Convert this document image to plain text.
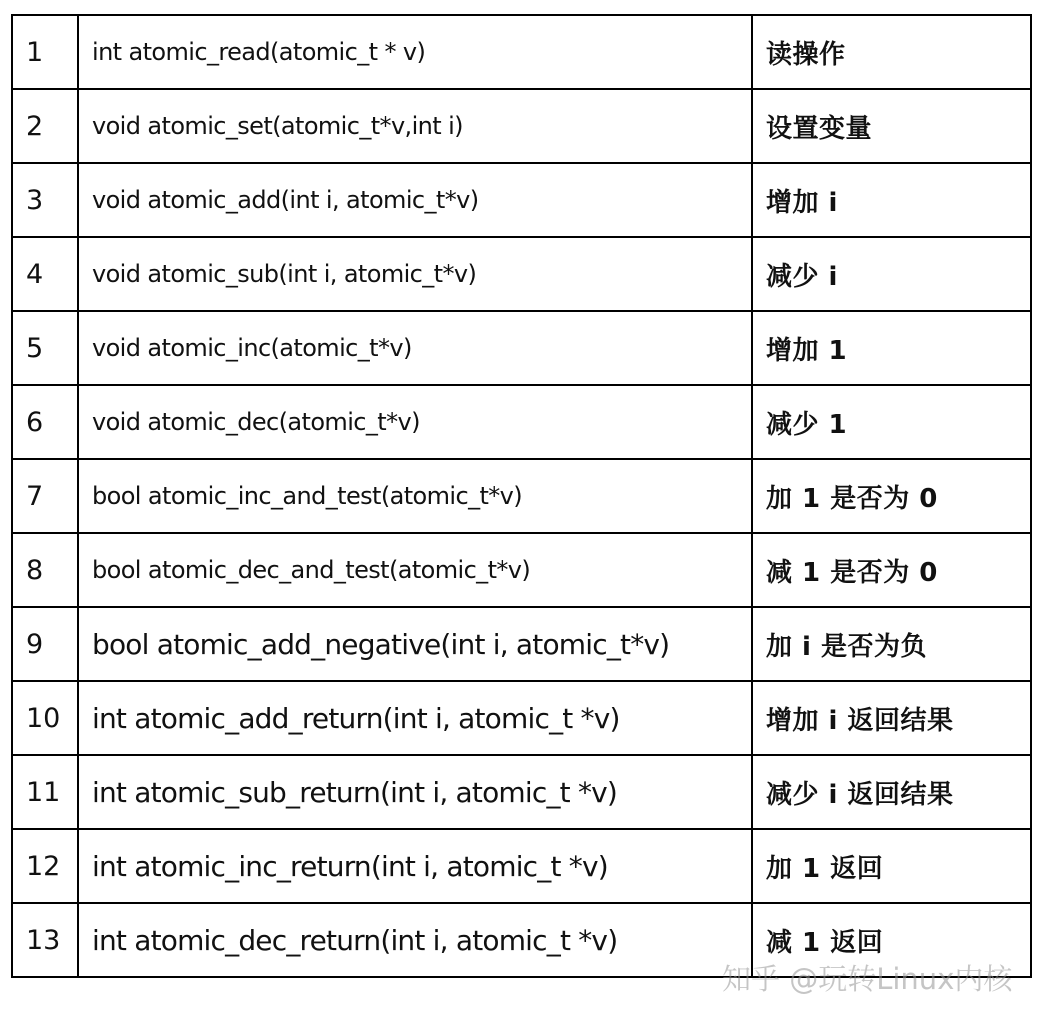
1	int atomic_read(atomic_t * v)	读操作
2	void atomic_set(atomic_t*v,int i)	设置变量
3	void atomic_add(int i, atomic_t*v)	增加 i
4	void atomic_sub(int i, atomic_t*v)	减少 i
5	void atomic_inc(atomic_t*v)	增加 1
6	void atomic_dec(atomic_t*v)	减少 1
7	bool atomic_inc_and_test(atomic_t*v)	加 1 是否为 0
8	bool atomic_dec_and_test(atomic_t*v)	减 1 是否为 0
9	bool atomic_add_negative(int i, atomic_t*v)	加 i 是否为负
10	int atomic_add_return(int i, atomic_t *v)	增加 i 返回结果
11	int atomic_sub_return(int i, atomic_t *v)	减少 i 返回结果
12	int atomic_inc_return(int i, atomic_t *v)	加 1 返回
13	int atomic_dec_return(int i, atomic_t *v)	减 1 返回
知乎 @玩转Linux内核
